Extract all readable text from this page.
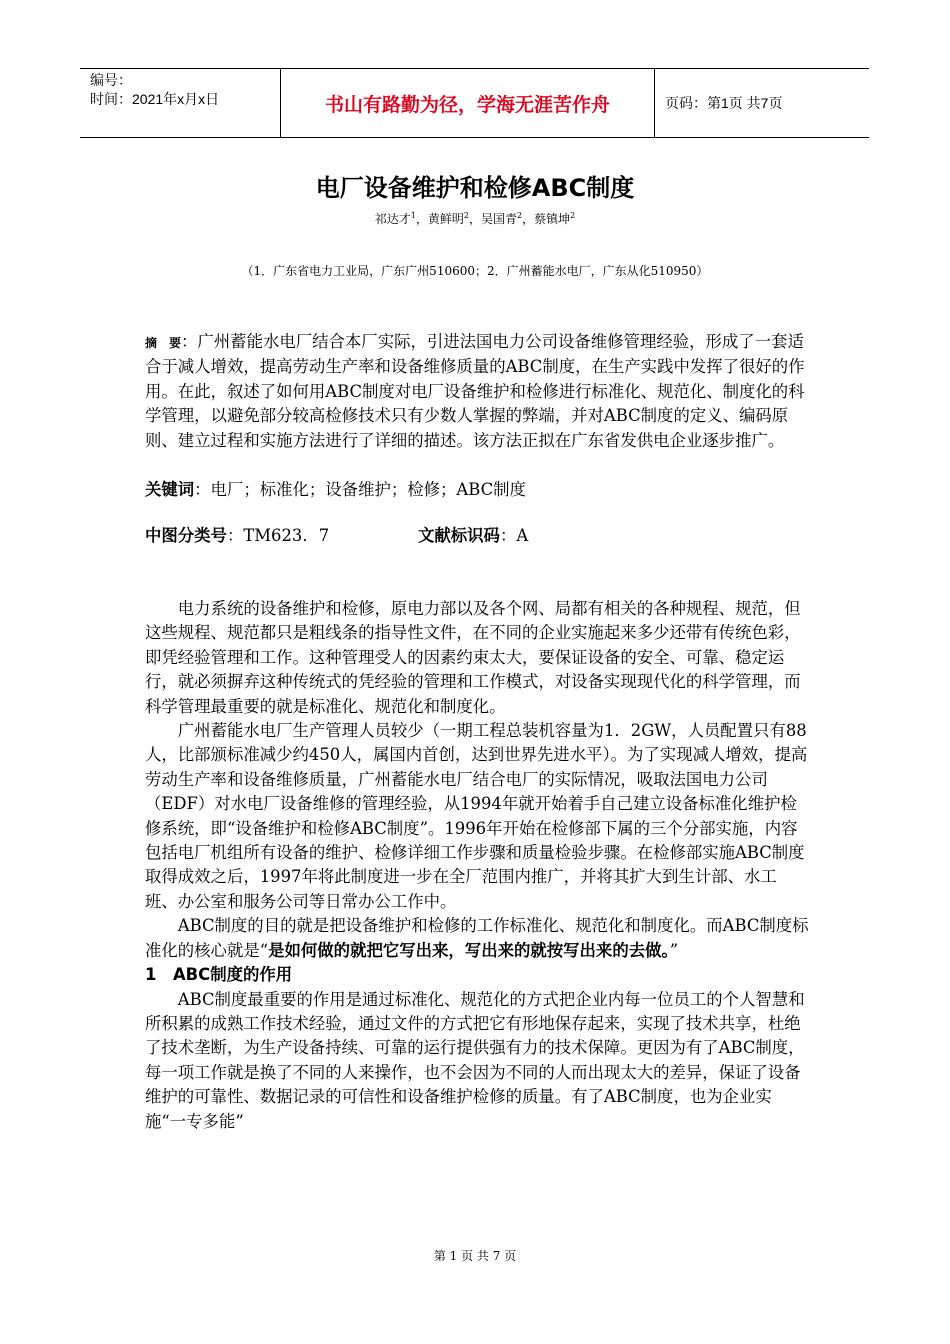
编号：
时间：2021年x月x日	书山有路勤为径，学海无涯苦作舟	页码：第1页 共7页
电厂设备维护和检修ABC制度
祁达才$^1$，黄鲜明$^2$，吴国青$^2$，蔡镇坤$^2$
（1．广东省电力工业局，广东广州510600；2．广州蓄能水电厂，广东从化510950）
摘　要：广州蓄能水电厂结合本厂实际，引进法国电力公司设备维修管理经验，形成了一套适合于减人增效，提高劳动生产率和设备维修质量的ABC制度，在生产实践中发挥了很好的作用。在此，叙述了如何用ABC制度对电厂设备维护和检修进行标准化、规范化、制度化的科学管理，以避免部分较高检修技术只有少数人掌握的弊端，并对ABC制度的定义、编码原则、建立过程和实施方法进行了详细的描述。该方法正拟在广东省发供电企业逐步推广。
关键词：电厂；标准化；设备维护；检修；ABC制度
中图分类号：TM623．7	文献标识码：A

电力系统的设备维护和检修，原电力部以及各个网、局都有相关的各种规程、规范，但这些规程、规范都只是粗线条的指导性文件，在不同的企业实施起来多少还带有传统色彩，即凭经验管理和工作。这种管理受人的因素约束太大，要保证设备的安全、可靠、稳定运行，就必须摒弃这种传统式的凭经验的管理和工作模式，对设备实现现代化的科学管理，而科学管理最重要的就是标准化、规范化和制度化。

广州蓄能水电厂生产管理人员较少（一期工程总装机容量为1．2GW，人员配置只有88人，比部颁标准减少约450人，属国内首创，达到世界先进水平）。为了实现减人增效，提高劳动生产率和设备维修质量，广州蓄能水电厂结合电厂的实际情况，吸取法国电力公司（EDF）对水电厂设备维修的管理经验，从1994年就开始着手自己建立设备标准化维护检修系统，即“设备维护和检修ABC制度”。1996年开始在检修部下属的三个分部实施，内容包括电厂机组所有设备的维护、检修详细工作步骤和质量检验步骤。在检修部实施ABC制度取得成效之后，1997年将此制度进一步在全厂范围内推广，并将其扩大到生计部、水工班、办公室和服务公司等日常办公工作中。

ABC制度的目的就是把设备维护和检修的工作标准化、规范化和制度化。而ABC制度标准化的核心就是“是如何做的就把它写出来，写出来的就按写出来的去做。”

1 ABC制度的作用

ABC制度最重要的作用是通过标准化、规范化的方式把企业内每一位员工的个人智慧和所积累的成熟工作技术经验，通过文件的方式把它有形地保存起来，实现了技术共享，杜绝了技术垄断，为生产设备持续、可靠的运行提供强有力的技术保障。更因为有了ABC制度，每一项工作就是换了不同的人来操作，也不会因为不同的人而出现太大的差异，保证了设备维护的可靠性、数据记录的可信性和设备维护检修的质量。有了ABC制度，也为企业实施“一专多能”

第 1 页 共 7 页
